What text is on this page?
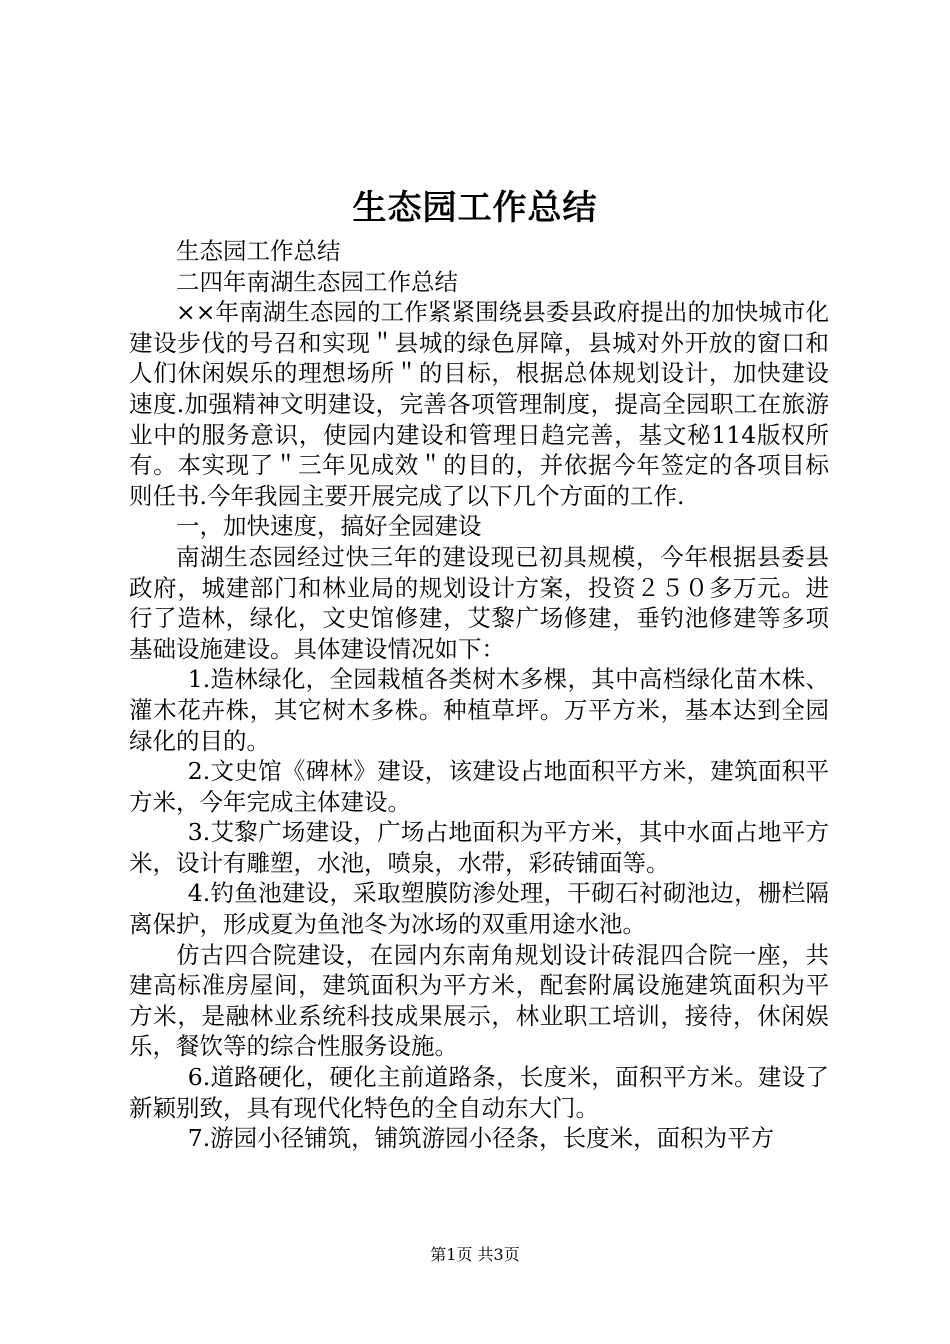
生态园工作总结

生态园工作总结

二四年南湖生态园工作总结

××年南湖生态园的工作紧紧围绕县委县政府提出的加快城市化建设步伐的号召和实现＂县城的绿色屏障，县城对外开放的窗口和人们休闲娱乐的理想场所＂的目标，根据总体规划设计，加快建设速度.加强精神文明建设，完善各项管理制度，提高全园职工在旅游业中的服务意识，使园内建设和管理日趋完善，基文秘114版权所有。本实现了＂三年见成效＂的目的，并依据今年签定的各项目标则任书.今年我园主要开展完成了以下几个方面的工作.

一，加快速度，搞好全园建设

南湖生态园经过快三年的建设现已初具规模，今年根据县委县政府，城建部门和林业局的规划设计方案，投资２５０多万元。进行了造林，绿化，文史馆修建，艾黎广场修建，垂钓池修建等多项基础设施建设。具体建设情况如下：

1.造林绿化，全园栽植各类树木多棵，其中高档绿化苗木株、灌木花卉株，其它树木多株。种植草坪。万平方米，基本达到全园绿化的目的。

2.文史馆《碑林》建设，该建设占地面积平方米，建筑面积平方米，今年完成主体建设。

3.艾黎广场建设，广场占地面积为平方米，其中水面占地平方米，设计有雕塑，水池，喷泉，水带，彩砖铺面等。

4.钓鱼池建设，采取塑膜防渗处理，干砌石衬砌池边，栅栏隔离保护，形成夏为鱼池冬为冰场的双重用途水池。

仿古四合院建设，在园内东南角规划设计砖混四合院一座，共建高标准房屋间，建筑面积为平方米，配套附属设施建筑面积为平方米，是融林业系统科技成果展示，林业职工培训，接待，休闲娱乐，餐饮等的综合性服务设施。

6.道路硬化，硬化主前道路条，长度米，面积平方米。建设了新颖别致，具有现代化特色的全自动东大门。

7.游园小径铺筑，铺筑游园小径条，长度米，面积为平方

第1页 共3页
